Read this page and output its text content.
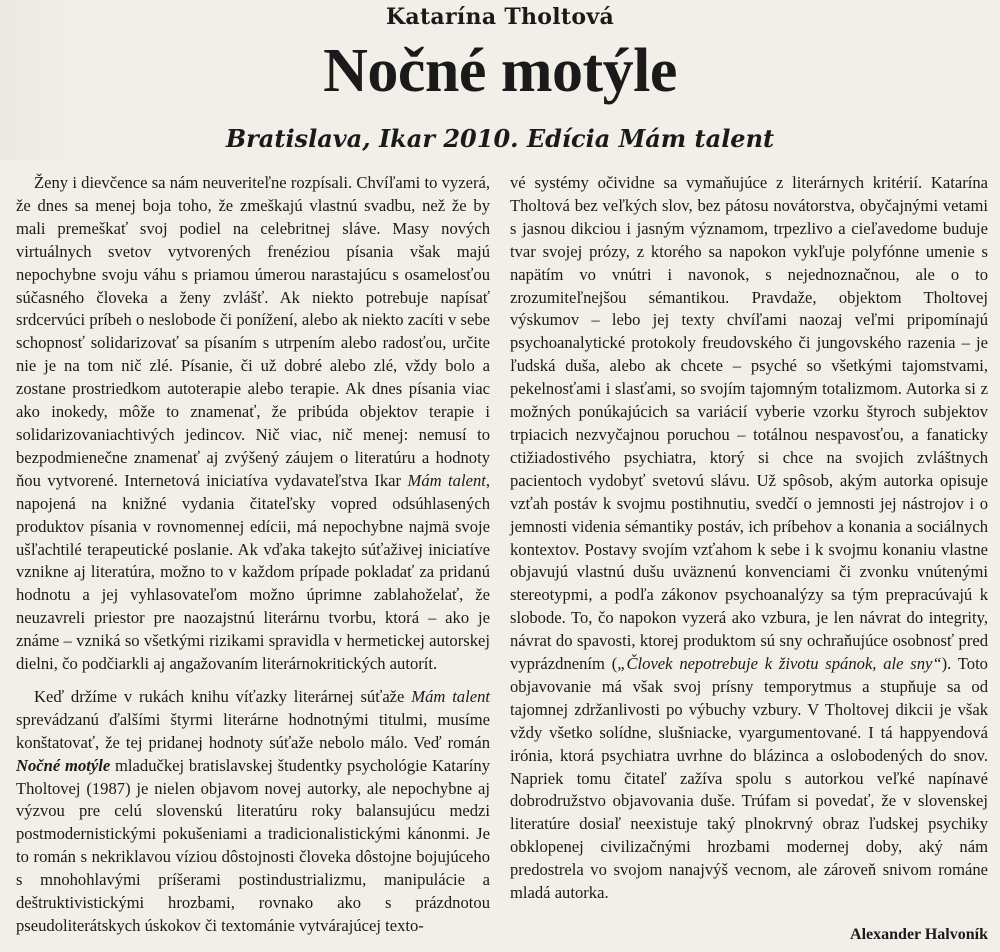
Katarína Tholtová
Nočné motýle
Bratislava, Ikar 2010. Edícia Mám talent

Ženy i dievčence sa nám neuveriteľne rozpísali. Chvíľami to vyzerá, že dnes sa menej boja toho, že zmeškajú vlastnú svadbu, než že by mali premeškať svoj podiel na celebritnej sláve. Masy nových virtuálnych svetov vytvorených frenéziou písania však majú nepochybne svoju váhu s priamou úmerou narastajúcu s osamelosťou súčasného človeka a ženy zvlášť. Ak niekto potrebuje napísať srdcervúci príbeh o neslobode či ponížení, alebo ak niekto zacíti v sebe schopnosť solidarizovať sa písaním s utrpením alebo radosťou, určite nie je na tom nič zlé. Písanie, či už dobré alebo zlé, vždy bolo a zostane prostriedkom autoterapie alebo terapie. Ak dnes písania viac ako inokedy, môže to znamenať, že pribúda objektov terapie i solidarizovaniachtivých jedincov. Nič viac, nič menej: nemusí to bezpodmienečne znamenať aj zvýšený záujem o literatúru a hodnoty ňou vytvorené. Internetová iniciatíva vydavateľstva Ikar Mám talent, napojená na knižné vydania čitateľsky vopred odsúhlasených produktov písania v rovnomennej edícii, má nepochybne najmä svoje ušľachtilé terapeutické poslanie. Ak vďaka takejto súťaživej iniciatíve vznikne aj literatúra, možno to v každom prípade pokladať za pridanú hodnotu a jej vyhlasovateľom možno úprimne zablahoželať, že neuzavreli priestor pre naozajstnú literárnu tvorbu, ktorá – ako je známe – vzniká so všetkými rizikami spravidla v hermetickej autorskej dielni, čo podčiarkli aj angažovaním literárnokritických autorít.

Keď držíme v rukách knihu víťazky literárnej súťaže Mám talent sprevádzanú ďalšími štyrmi literárne hodnotnými titulmi, musíme konštatovať, že tej pridanej hodnoty súťaže nebolo málo. Veď román Nočné motýle mladučkej bratislavskej študentky psychológie Kataríny Tholtovej (1987) je nielen objavom novej autorky, ale nepochybne aj výzvou pre celú slovenskú literatúru roky balansujúcu medzi postmodernistickými pokušeniami a tradicionalistickými kánonmi. Je to román s nekriklavou víziou dôstojnosti človeka dôstojne bojujúceho s mnohohlavými príšerami postindustrializmu, manipulácie a deštruktivistickými hrozbami, rovnako ako s prázdnotou pseudoliterátskych úskokov či textománie vytvárajúcej texto-

vé systémy očividne sa vymaňujúce z literárnych kritérií. Katarína Tholtová bez veľkých slov, bez pátosu novátorstva, obyčajnými vetami s jasnou dikciou i jasným významom, trpezlivo a cieľavedome buduje tvar svojej prózy, z ktorého sa napokon vykľuje polyfónne umenie s napätím vo vnútri i navonok, s nejednoznačnou, ale o to zrozumiteľnejšou sémantikou. Pravdaže, objektom Tholtovej výskumov – lebo jej texty chvíľami naozaj veľmi pripomínajú psychoanalytické protokoly freudovského či jungovského razenia – je ľudská duša, alebo ak chcete – psyché so všetkými tajomstvami, pekelnosťami i slasťami, so svojím tajomným totalizmom. Autorka si z možných ponúkajúcich sa variácií vyberie vzorku štyroch subjektov trpiacich nezvyčajnou poruchou – totálnou nespavosťou, a fanaticky ctižiadostivého psychiatra, ktorý si chce na svojich zvláštnych pacientoch vydobyť svetovú slávu. Už spôsob, akým autorka opisuje vzťah postáv k svojmu postihnutiu, svedčí o jemnosti jej nástrojov i o jemnosti videnia sémantiky postáv, ich príbehov a konania a sociálnych kontextov. Postavy svojím vzťahom k sebe i k svojmu konaniu vlastne objavujú vlastnú dušu uväznenú konvenciami či zvonku vnútenými stereotypmi, a podľa zákonov psychoanalýzy sa tým prepracúvajú k slobode. To, čo napokon vyzerá ako vzbura, je len návrat do integrity, návrat do spavosti, ktorej produktom sú sny ochraňujúce osobnosť pred vyprázdnením („Človek nepotrebuje k životu spánok, ale sny“). Toto objavovanie má však svoj prísny temporytmus a stupňuje sa od tajomnej zdržanlivosti po výbuchy vzbury. V Tholtovej dikcii je však vždy všetko solídne, slušniacke, vyargumentované. I tá happyendová irónia, ktorá psychiatra uvrhne do blázinca a oslobodených do snov. Napriek tomu čitateľ zažíva spolu s autorkou veľké napínavé dobrodružstvo objavovania duše. Trúfam si povedať, že v slovenskej literatúre dosiaľ neexistuje taký plnokrvný obraz ľudskej psychiky obklopenej civilizačnými hrozbami modernej doby, aký nám predostrela vo svojom nanajvýš vecnom, ale zároveň snivom románe mladá autorka.

Alexander Halvoník
